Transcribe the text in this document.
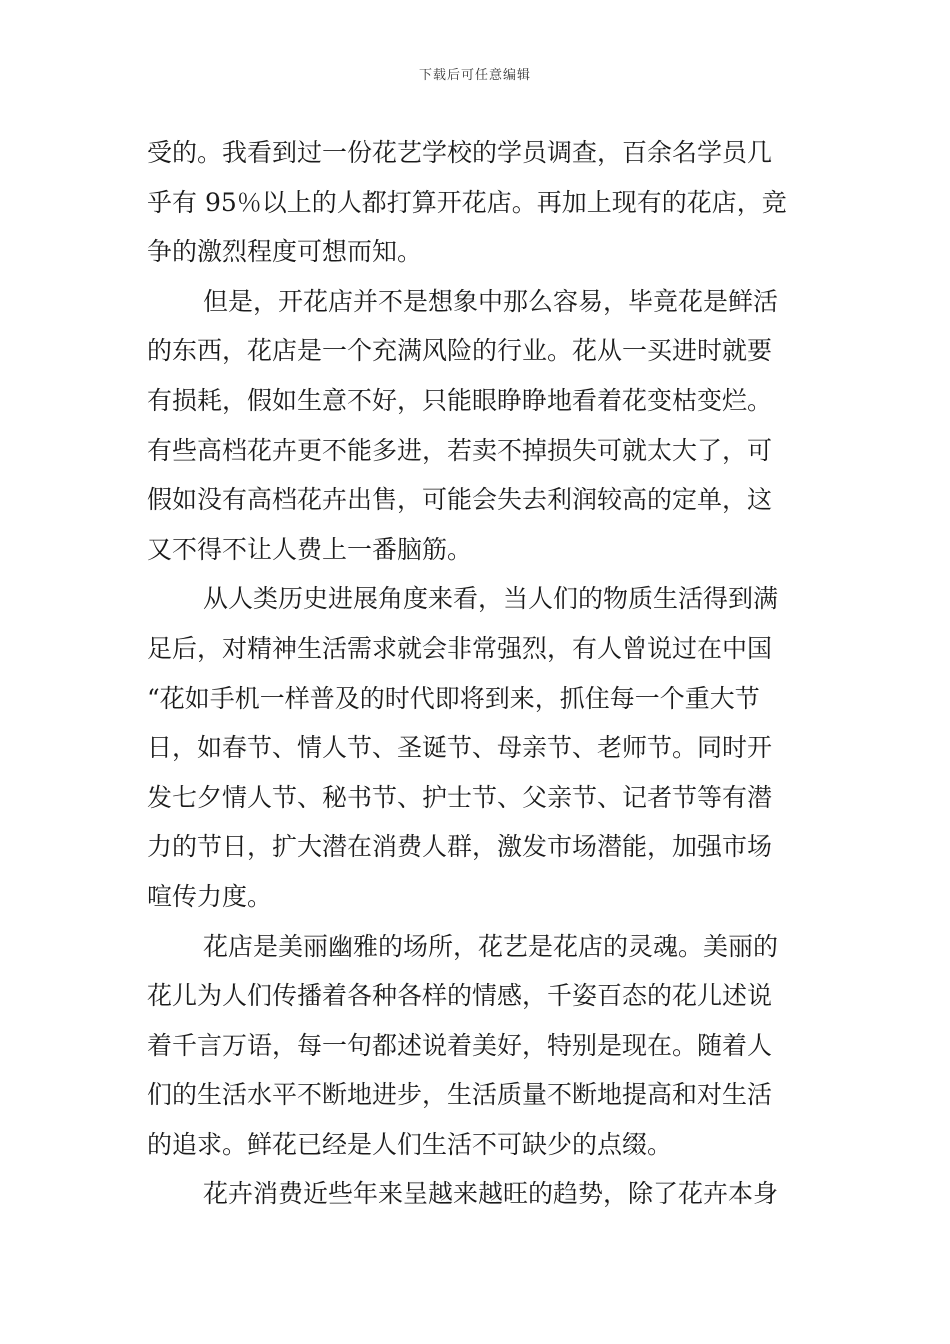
下载后可任意编辑
受的。我看到过一份花艺学校的学员调查，百余名学员几
乎有 95％以上的人都打算开花店。再加上现有的花店，竞
争的激烈程度可想而知。
但是，开花店并不是想象中那么容易，毕竟花是鲜活
的东西，花店是一个充满风险的行业。花从一买进时就要
有损耗，假如生意不好，只能眼睁睁地看着花变枯变烂。
有些高档花卉更不能多进，若卖不掉损失可就太大了，可
假如没有高档花卉出售，可能会失去利润较高的定单，这
又不得不让人费上一番脑筋。
从人类历史进展角度来看，当人们的物质生活得到满
足后，对精神生活需求就会非常强烈，有人曾说过在中国
“花如手机一样普及的时代即将到来，抓住每一个重大节
日，如春节、情人节、圣诞节、母亲节、老师节。同时开
发七夕情人节、秘书节、护士节、父亲节、记者节等有潜
力的节日，扩大潜在消费人群，激发市场潜能，加强市场
喧传力度。
花店是美丽幽雅的场所，花艺是花店的灵魂。美丽的
花儿为人们传播着各种各样的情感，千姿百态的花儿述说
着千言万语，每一句都述说着美好，特别是现在。随着人
们的生活水平不断地进步，生活质量不断地提高和对生活
的追求。鲜花已经是人们生活不可缺少的点缀。
花卉消费近些年来呈越来越旺的趋势，除了花卉本身
